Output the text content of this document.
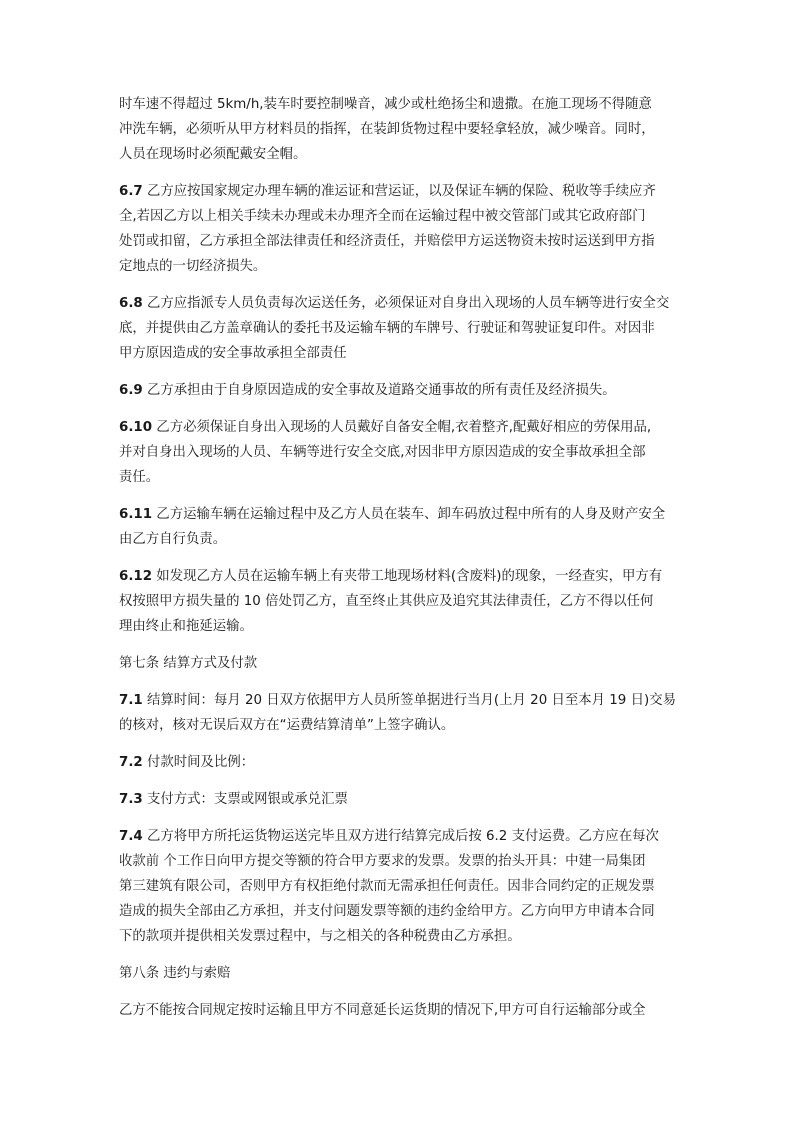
时车速不得超过 5km/h,装车时要控制噪音，减少或杜绝扬尘和遗撒。在施工现场不得随意
冲洗车辆，必须听从甲方材料员的指挥，在装卸货物过程中要轻拿轻放，减少噪音。同时，
人员在现场时必须配戴安全帽。

6.7 乙方应按国家规定办理车辆的准运证和营运证，以及保证车辆的保险、税收等手续应齐
全,若因乙方以上相关手续未办理或未办理齐全而在运输过程中被交管部门或其它政府部门
处罚或扣留，乙方承担全部法律责任和经济责任，并赔偿甲方运送物资未按时运送到甲方指
定地点的一切经济损失。

6.8 乙方应指派专人员负责每次运送任务，必须保证对自身出入现场的人员车辆等进行安全交
底，并提供由乙方盖章确认的委托书及运输车辆的车牌号、行驶证和驾驶证复印件。对因非
甲方原因造成的安全事故承担全部责任

6.9 乙方承担由于自身原因造成的安全事故及道路交通事故的所有责任及经济损失。

6.10 乙方必须保证自身出入现场的人员戴好自备安全帽,衣着整齐,配戴好相应的劳保用品,
并对自身出入现场的人员、车辆等进行安全交底,对因非甲方原因造成的安全事故承担全部
责任。

6.11 乙方运输车辆在运输过程中及乙方人员在装车、卸车码放过程中所有的人身及财产安全
由乙方自行负责。

6.12 如发现乙方人员在运输车辆上有夹带工地现场材料(含废料)的现象，一经查实，甲方有
权按照甲方损失量的 10 倍处罚乙方，直至终止其供应及追究其法律责任，乙方不得以任何
理由终止和拖延运输。

第七条 结算方式及付款

7.1 结算时间：每月 20 日双方依据甲方人员所签单据进行当月(上月 20 日至本月 19 日)交易
的核对，核对无误后双方在“运费结算清单”上签字确认。

7.2 付款时间及比例：

7.3 支付方式：支票或网银或承兑汇票

7.4 乙方将甲方所托运货物运送完毕且双方进行结算完成后按 6.2 支付运费。乙方应在每次
收款前 个工作日向甲方提交等额的符合甲方要求的发票。发票的抬头开具：中建一局集团
第三建筑有限公司，否则甲方有权拒绝付款而无需承担任何责任。因非合同约定的正规发票
造成的损失全部由乙方承担，并支付问题发票等额的违约金给甲方。乙方向甲方申请本合同
下的款项并提供相关发票过程中，与之相关的各种税费由乙方承担。

第八条 违约与索赔

乙方不能按合同规定按时运输且甲方不同意延长运货期的情况下,甲方可自行运输部分或全
